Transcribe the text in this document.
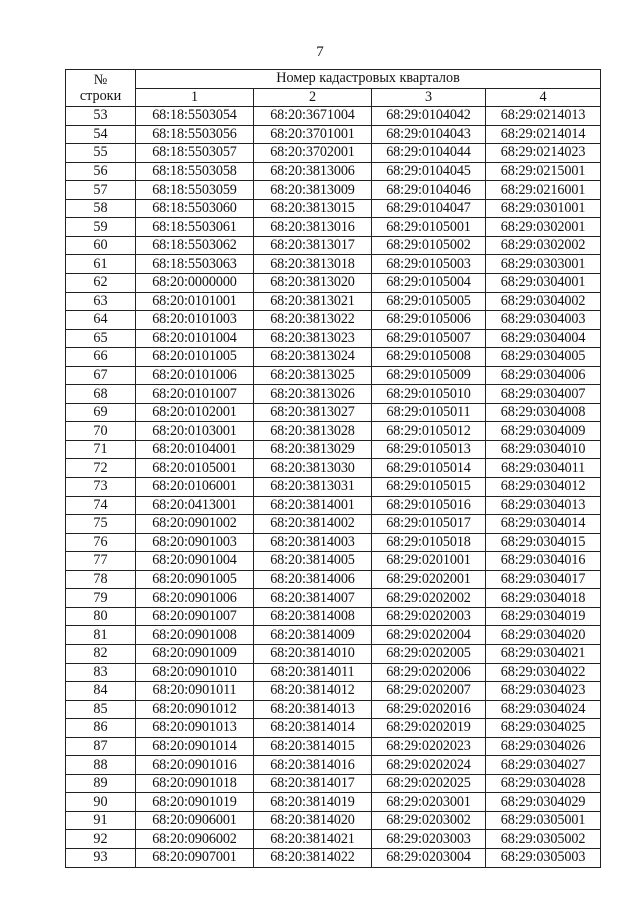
7
№
строки	Номер кадастровых кварталов			
	1	2	3	4
53	68:18:5503054	68:20:3671004	68:29:0104042	68:29:0214013
54	68:18:5503056	68:20:3701001	68:29:0104043	68:29:0214014
55	68:18:5503057	68:20:3702001	68:29:0104044	68:29:0214023
56	68:18:5503058	68:20:3813006	68:29:0104045	68:29:0215001
57	68:18:5503059	68:20:3813009	68:29:0104046	68:29:0216001
58	68:18:5503060	68:20:3813015	68:29:0104047	68:29:0301001
59	68:18:5503061	68:20:3813016	68:29:0105001	68:29:0302001
60	68:18:5503062	68:20:3813017	68:29:0105002	68:29:0302002
61	68:18:5503063	68:20:3813018	68:29:0105003	68:29:0303001
62	68:20:0000000	68:20:3813020	68:29:0105004	68:29:0304001
63	68:20:0101001	68:20:3813021	68:29:0105005	68:29:0304002
64	68:20:0101003	68:20:3813022	68:29:0105006	68:29:0304003
65	68:20:0101004	68:20:3813023	68:29:0105007	68:29:0304004
66	68:20:0101005	68:20:3813024	68:29:0105008	68:29:0304005
67	68:20:0101006	68:20:3813025	68:29:0105009	68:29:0304006
68	68:20:0101007	68:20:3813026	68:29:0105010	68:29:0304007
69	68:20:0102001	68:20:3813027	68:29:0105011	68:29:0304008
70	68:20:0103001	68:20:3813028	68:29:0105012	68:29:0304009
71	68:20:0104001	68:20:3813029	68:29:0105013	68:29:0304010
72	68:20:0105001	68:20:3813030	68:29:0105014	68:29:0304011
73	68:20:0106001	68:20:3813031	68:29:0105015	68:29:0304012
74	68:20:0413001	68:20:3814001	68:29:0105016	68:29:0304013
75	68:20:0901002	68:20:3814002	68:29:0105017	68:29:0304014
76	68:20:0901003	68:20:3814003	68:29:0105018	68:29:0304015
77	68:20:0901004	68:20:3814005	68:29:0201001	68:29:0304016
78	68:20:0901005	68:20:3814006	68:29:0202001	68:29:0304017
79	68:20:0901006	68:20:3814007	68:29:0202002	68:29:0304018
80	68:20:0901007	68:20:3814008	68:29:0202003	68:29:0304019
81	68:20:0901008	68:20:3814009	68:29:0202004	68:29:0304020
82	68:20:0901009	68:20:3814010	68:29:0202005	68:29:0304021
83	68:20:0901010	68:20:3814011	68:29:0202006	68:29:0304022
84	68:20:0901011	68:20:3814012	68:29:0202007	68:29:0304023
85	68:20:0901012	68:20:3814013	68:29:0202016	68:29:0304024
86	68:20:0901013	68:20:3814014	68:29:0202019	68:29:0304025
87	68:20:0901014	68:20:3814015	68:29:0202023	68:29:0304026
88	68:20:0901016	68:20:3814016	68:29:0202024	68:29:0304027
89	68:20:0901018	68:20:3814017	68:29:0202025	68:29:0304028
90	68:20:0901019	68:20:3814019	68:29:0203001	68:29:0304029
91	68:20:0906001	68:20:3814020	68:29:0203002	68:29:0305001
92	68:20:0906002	68:20:3814021	68:29:0203003	68:29:0305002
93	68:20:0907001	68:20:3814022	68:29:0203004	68:29:0305003
